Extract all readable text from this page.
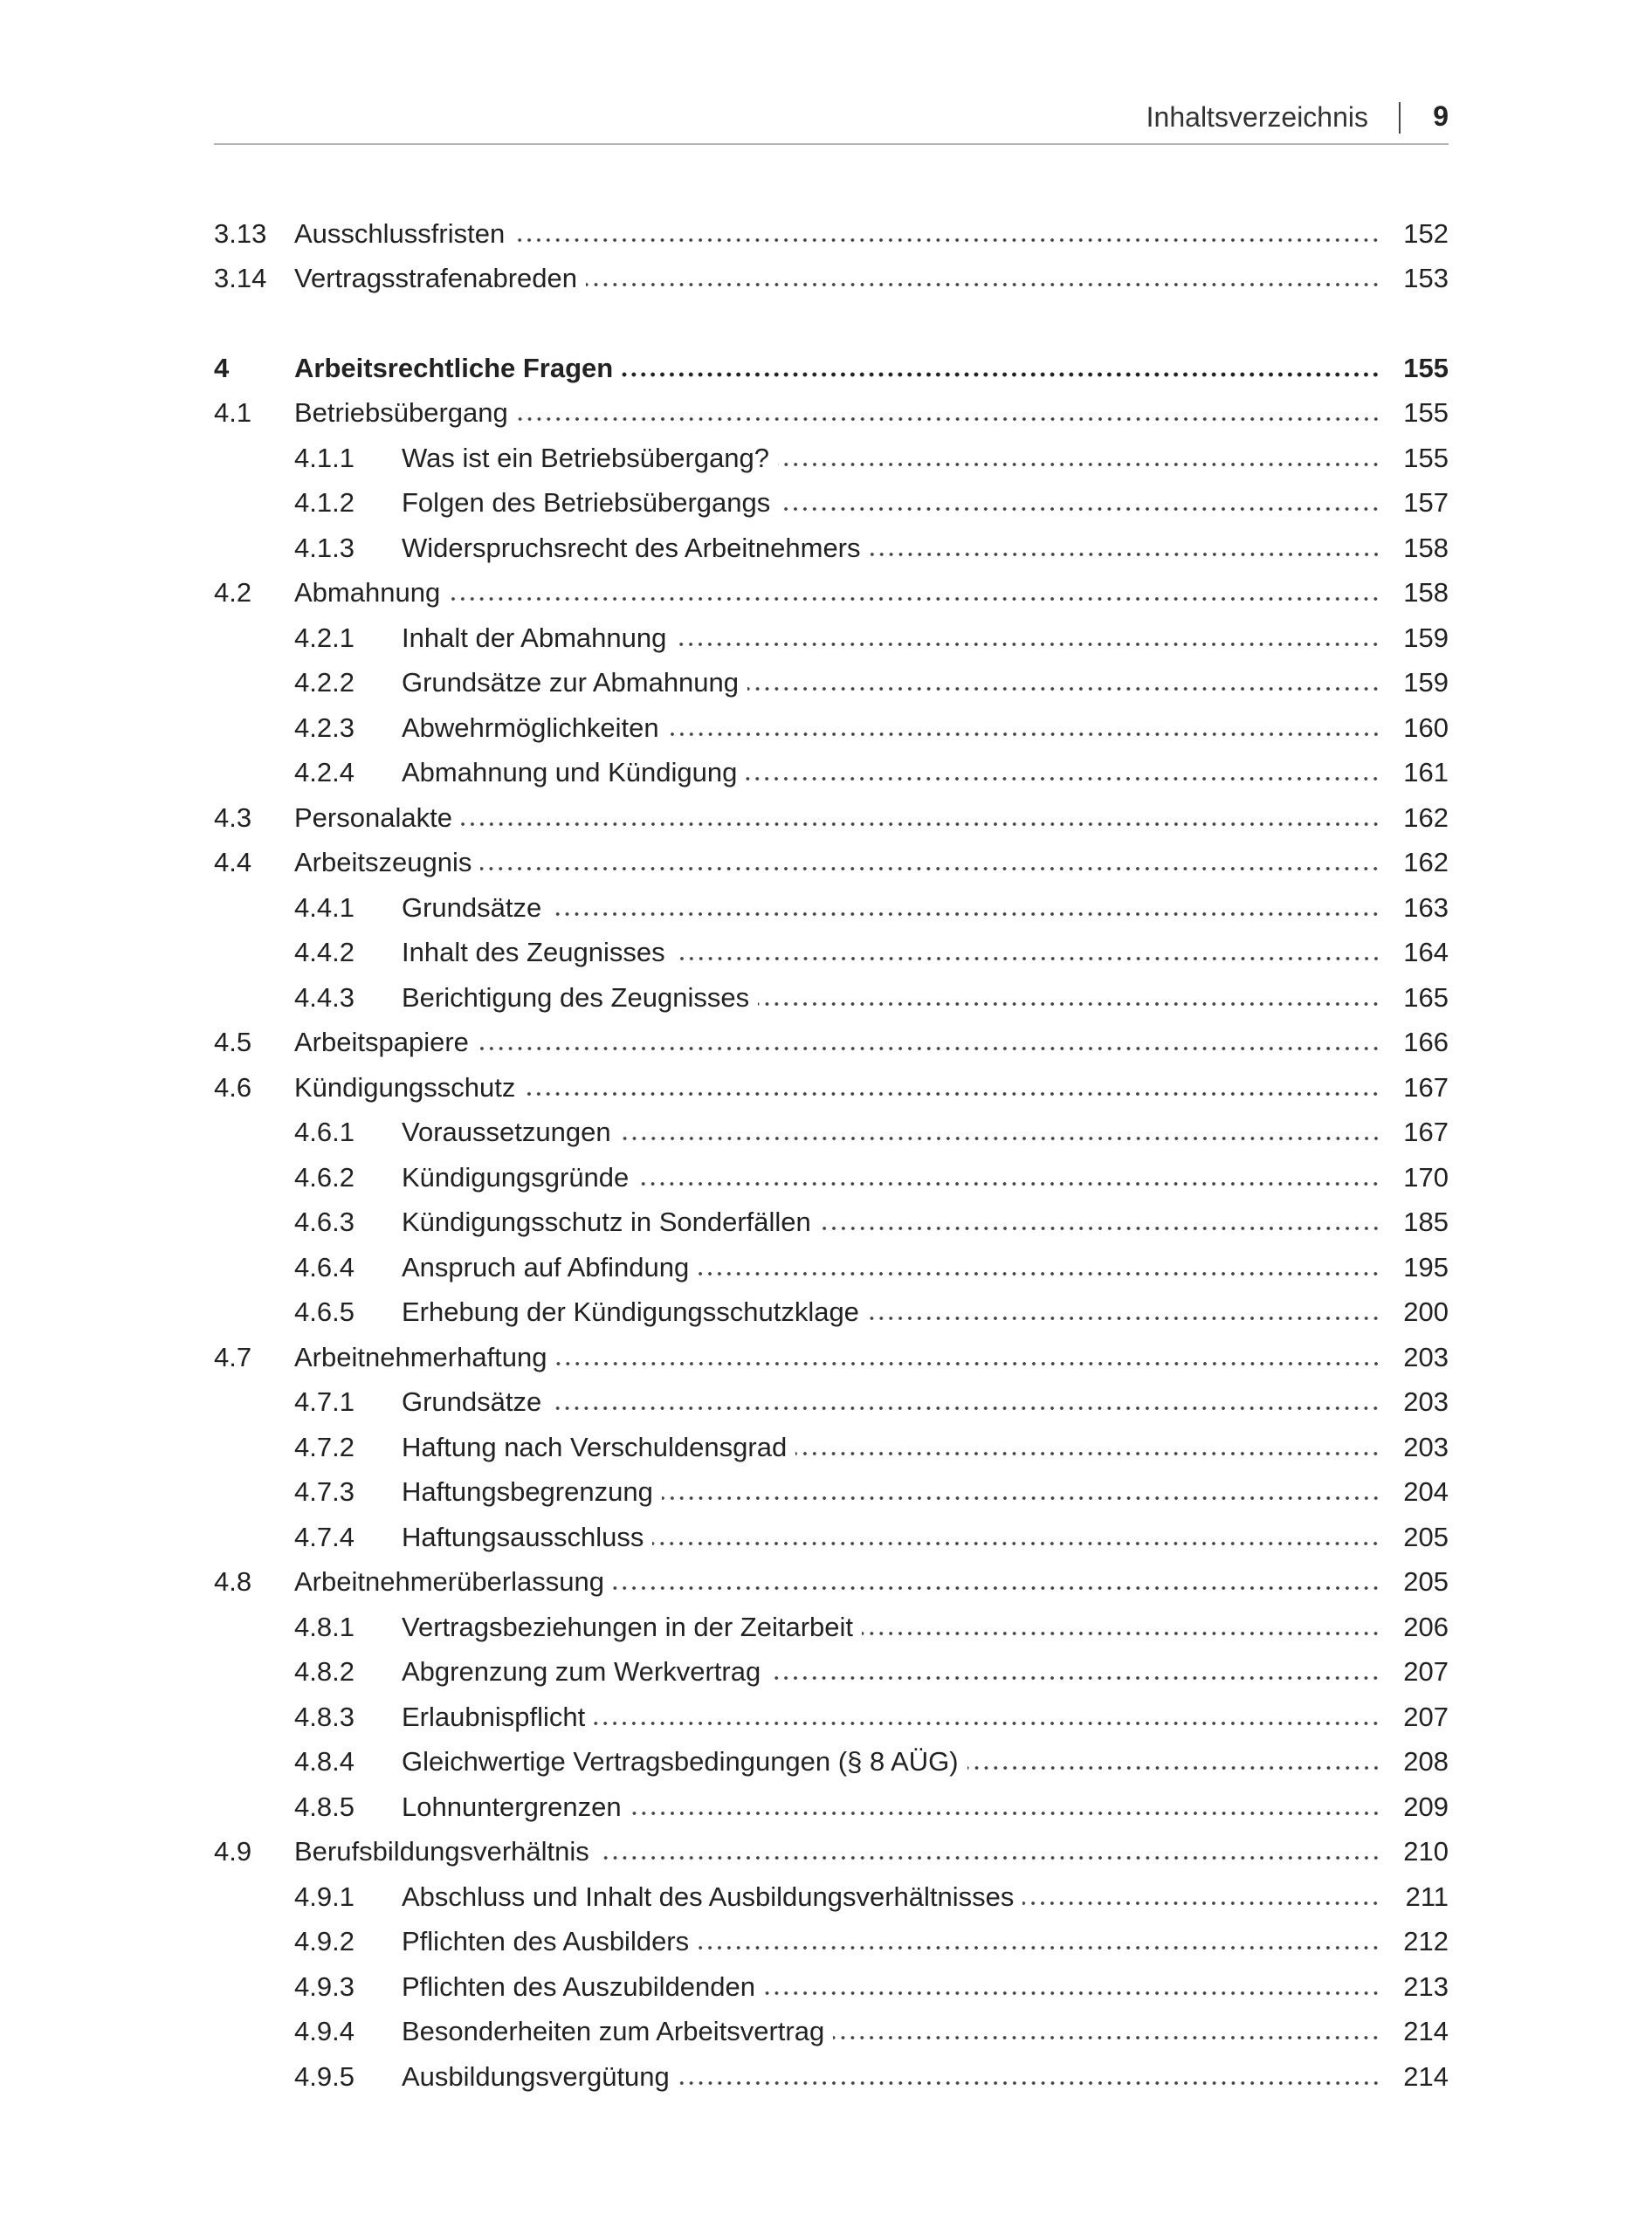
Inhaltsverzeichnis 9
3.13	Ausschlussfristen	152
3.14	Vertragsstrafenabreden	153
4	Arbeitsrechtliche Fragen	155
4.1	Betriebsübergang	155
4.1.1	Was ist ein Betriebsübergang?	155
4.1.2	Folgen des Betriebsübergangs	157
4.1.3	Widerspruchsrecht des Arbeitnehmers	158
4.2	Abmahnung	158
4.2.1	Inhalt der Abmahnung	159
4.2.2	Grundsätze zur Abmahnung	159
4.2.3	Abwehrmöglichkeiten	160
4.2.4	Abmahnung und Kündigung	161
4.3	Personalakte	162
4.4	Arbeitszeugnis	162
4.4.1	Grundsätze	163
4.4.2	Inhalt des Zeugnisses	164
4.4.3	Berichtigung des Zeugnisses	165
4.5	Arbeitspapiere	166
4.6	Kündigungsschutz	167
4.6.1	Voraussetzungen	167
4.6.2	Kündigungsgründe	170
4.6.3	Kündigungsschutz in Sonderfällen	185
4.6.4	Anspruch auf Abfindung	195
4.6.5	Erhebung der Kündigungsschutzklage	200
4.7	Arbeitnehmerhaftung	203
4.7.1	Grundsätze	203
4.7.2	Haftung nach Verschuldensgrad	203
4.7.3	Haftungsbegrenzung	204
4.7.4	Haftungsausschluss	205
4.8	Arbeitnehmerüberlassung	205
4.8.1	Vertragsbeziehungen in der Zeitarbeit	206
4.8.2	Abgrenzung zum Werkvertrag	207
4.8.3	Erlaubnispflicht	207
4.8.4	Gleichwertige Vertragsbedingungen (§ 8 AÜG)	208
4.8.5	Lohnuntergrenzen	209
4.9	Berufsbildungsverhältnis	210
4.9.1	Abschluss und Inhalt des Ausbildungsverhältnisses	211
4.9.2	Pflichten des Ausbilders	212
4.9.3	Pflichten des Auszubildenden	213
4.9.4	Besonderheiten zum Arbeitsvertrag	214
4.9.5	Ausbildungsvergütung	214
